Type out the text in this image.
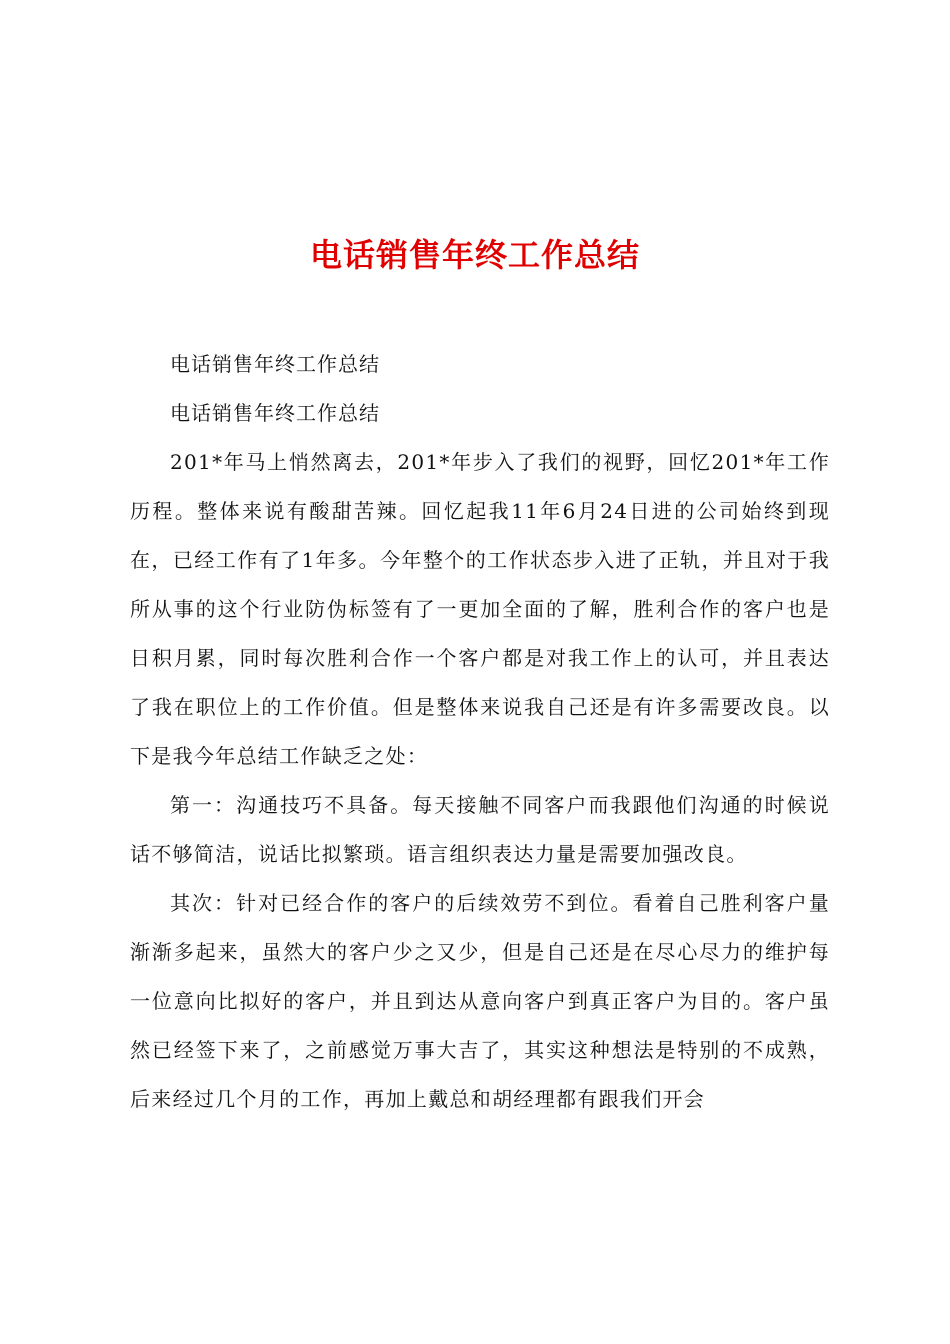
电话销售年终工作总结

电话销售年终工作总结

电话销售年终工作总结

201*年马上悄然离去，201*年步入了我们的视野，回忆201*年工作历程。整体来说有酸甜苦辣。回忆起我11年6月24日进的公司始终到现在，已经工作有了1年多。今年整个的工作状态步入进了正轨，并且对于我所从事的这个行业防伪标签有了一更加全面的了解，胜利合作的客户也是日积月累，同时每次胜利合作一个客户都是对我工作上的认可，并且表达了我在职位上的工作价值。但是整体来说我自己还是有许多需要改良。以下是我今年总结工作缺乏之处：

第一：沟通技巧不具备。每天接触不同客户而我跟他们沟通的时候说话不够简洁，说话比拟繁琐。语言组织表达力量是需要加强改良。

其次：针对已经合作的客户的后续效劳不到位。看着自己胜利客户量渐渐多起来，虽然大的客户少之又少，但是自己还是在尽心尽力的维护每一位意向比拟好的客户，并且到达从意向客户到真正客户为目的。客户虽然已经签下来了，之前感觉万事大吉了，其实这种想法是特别的不成熟，后来经过几个月的工作，再加上戴总和胡经理都有跟我们开会
